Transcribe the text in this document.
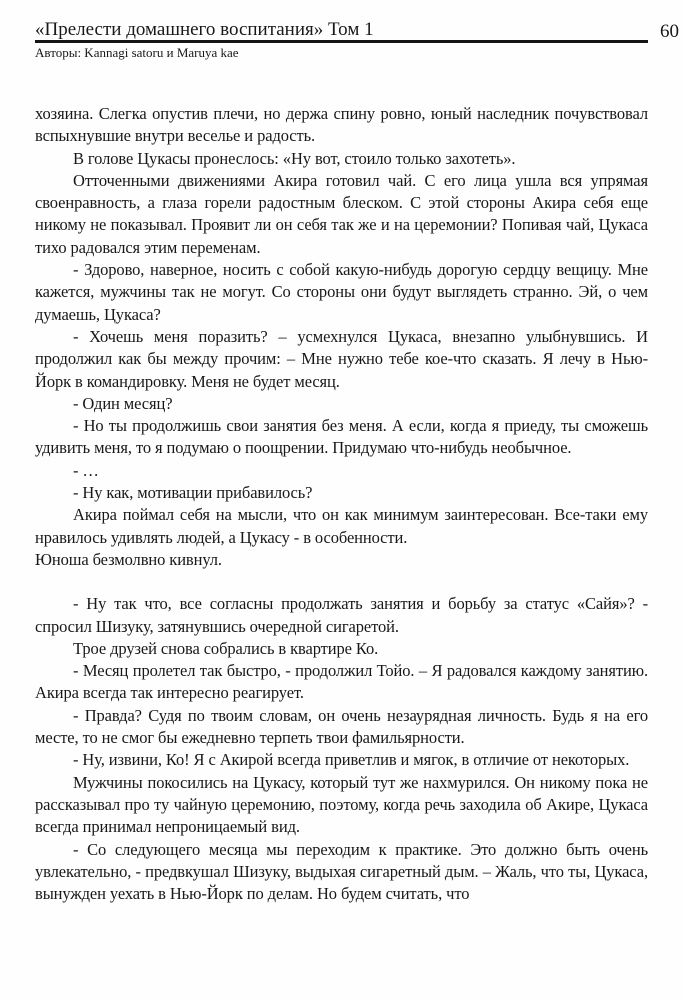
«Прелести домашнего воспитания» Том 1	60
Авторы: Kannagi satoru и Maruya kae

хозяина. Слегка опустив плечи, но держа спину ровно, юный наследник почувствовал вспыхнувшие внутри веселье и радость.

В голове Цукасы пронеслось: «Ну вот, стоило только захотеть».

Отточенными движениями Акира готовил чай. С его лица ушла вся упрямая своенравность, а глаза горели радостным блеском. С этой стороны Акира себя еще никому не показывал. Проявит ли он себя так же и на церемонии? Попивая чай, Цукаса тихо радовался этим переменам.

- Здорово, наверное, носить с собой какую-нибудь дорогую сердцу вещицу. Мне кажется, мужчины так не могут. Со стороны они будут выглядеть странно. Эй, о чем думаешь, Цукаса?

- Хочешь меня поразить? – усмехнулся Цукаса, внезапно улыбнувшись. И продолжил как бы между прочим: – Мне нужно тебе кое-что сказать. Я лечу в Нью-Йорк в командировку. Меня не будет месяц.

- Один месяц?

- Но ты продолжишь свои занятия без меня. А если, когда я приеду, ты сможешь удивить меня, то я подумаю о поощрении. Придумаю что-нибудь необычное.

- …

- Ну как, мотивации прибавилось?

Акира поймал себя на мысли, что он как минимум заинтересован. Все-таки ему нравилось удивлять людей, а Цукасу - в особенности.

Юноша безмолвно кивнул.

- Ну так что, все согласны продолжать занятия и борьбу за статус «Сайя»? - спросил Шизуку, затянувшись очередной сигаретой.

Трое друзей снова собрались в квартире Ко.

- Месяц пролетел так быстро, - продолжил Тойо. – Я радовался каждому занятию. Акира всегда так интересно реагирует.

- Правда? Судя по твоим словам, он очень незаурядная личность. Будь я на его месте, то не смог бы ежедневно терпеть твои фамильярности.

- Ну, извини, Ко! Я с Акирой всегда приветлив и мягок, в отличие от некоторых.

Мужчины покосились на Цукасу, который тут же нахмурился. Он никому пока не рассказывал про ту чайную церемонию, поэтому, когда речь заходила об Акире, Цукаса всегда принимал непроницаемый вид.

- Со следующего месяца мы переходим к практике. Это должно быть очень увлекательно, - предвкушал Шизуку, выдыхая сигаретный дым. – Жаль, что ты, Цукаса, вынужден уехать в Нью-Йорк по делам. Но будем считать, что
